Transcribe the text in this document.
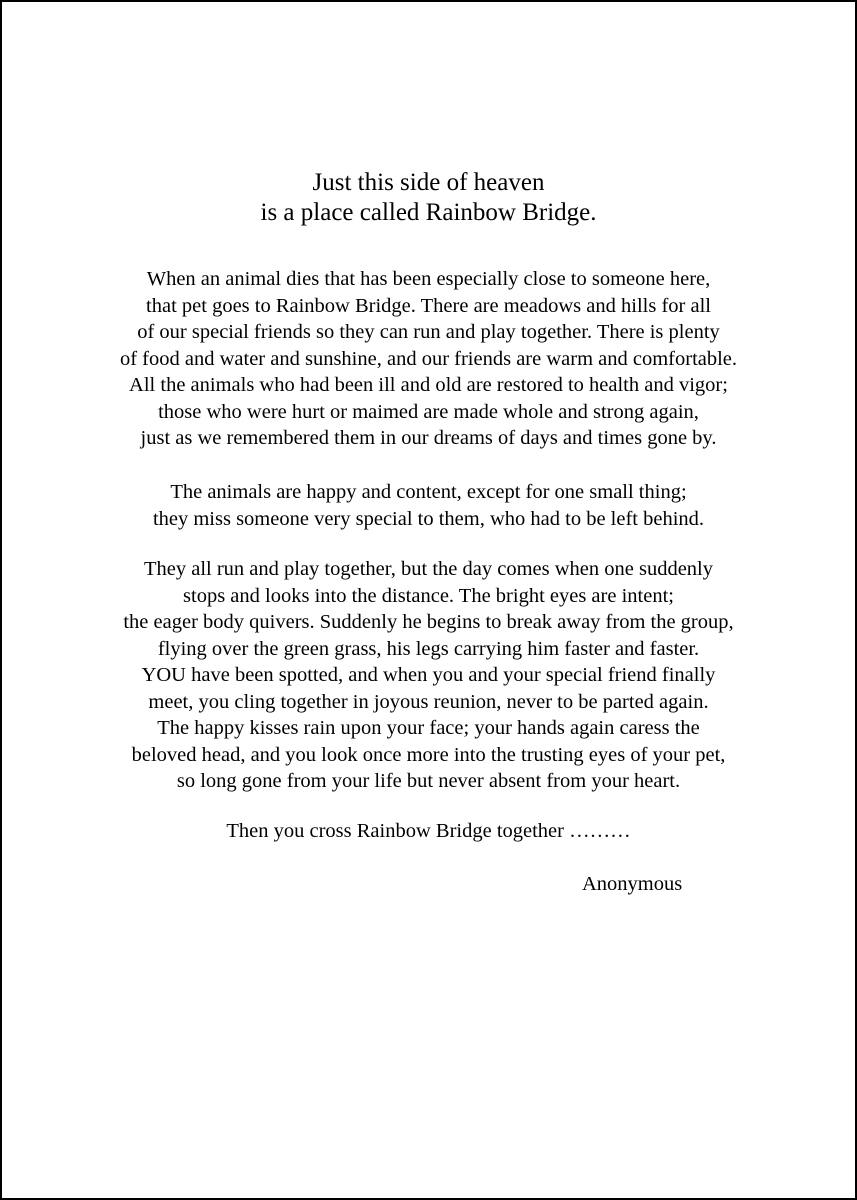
Just this side of heaven
is a place called Rainbow Bridge.
When an animal dies that has been especially close to someone here,
that pet goes to Rainbow Bridge. There are meadows and hills for all
of our special friends so they can run and play together. There is plenty
of food and water and sunshine, and our friends are warm and comfortable.
All the animals who had been ill and old are restored to health and vigor;
those who were hurt or maimed are made whole and strong again,
just as we remembered them in our dreams of days and times gone by.
The animals are happy and content, except for one small thing;
they miss someone very special to them, who had to be left behind.
They all run and play together, but the day comes when one suddenly
stops and looks into the distance. The bright eyes are intent;
the eager body quivers. Suddenly he begins to break away from the group,
flying over the green grass, his legs carrying him faster and faster.
YOU have been spotted, and when you and your special friend finally
meet, you cling together in joyous reunion, never to be parted again.
The happy kisses rain upon your face; your hands again caress the
beloved head, and you look once more into the trusting eyes of your pet,
so long gone from your life but never absent from your heart.
Then you cross Rainbow Bridge together ………
Anonymous
